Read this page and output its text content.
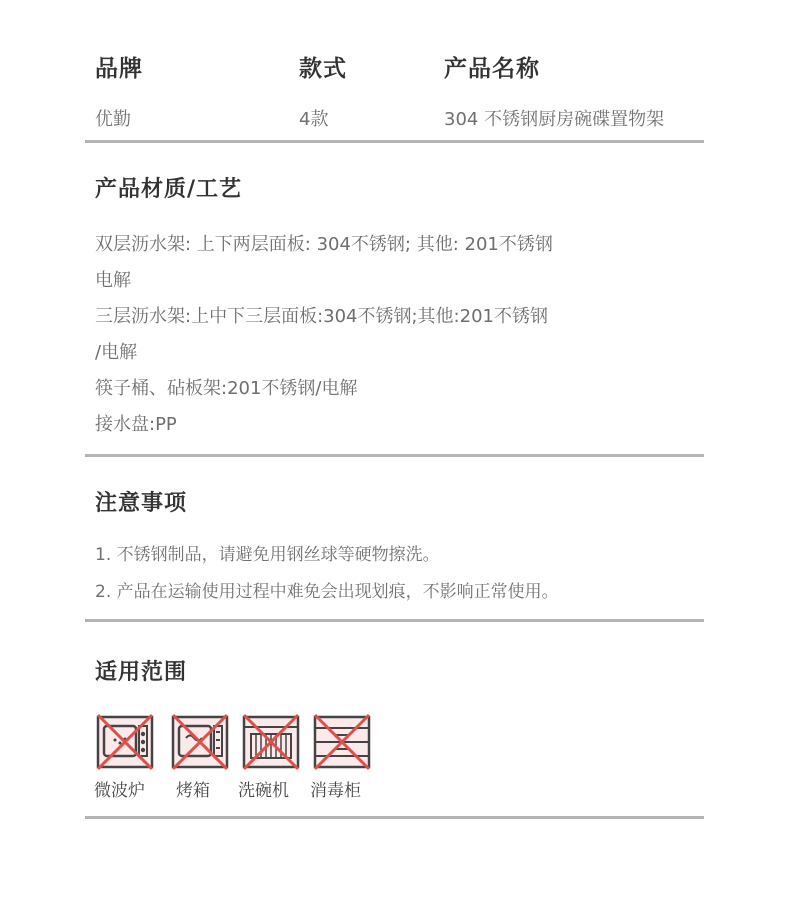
品牌	款式	产品名称
优勤	4款	304 不锈钢厨房碗碟置物架
产品材质/工艺
双层沥水架: 上下两层面板: 304不锈钢; 其他: 201不锈钢
电解
三层沥水架:上中下三层面板:304不锈钢;其他:201不锈钢
/电解
筷子桶、砧板架:201不锈钢/电解
接水盘:PP
注意事项
1. 不锈钢制品，请避免用钢丝球等硬物擦洗。
2. 产品在运输使用过程中难免会出现划痕，不影响正常使用。
适用范围
微波炉 烤箱 洗碗机 消毒柜
